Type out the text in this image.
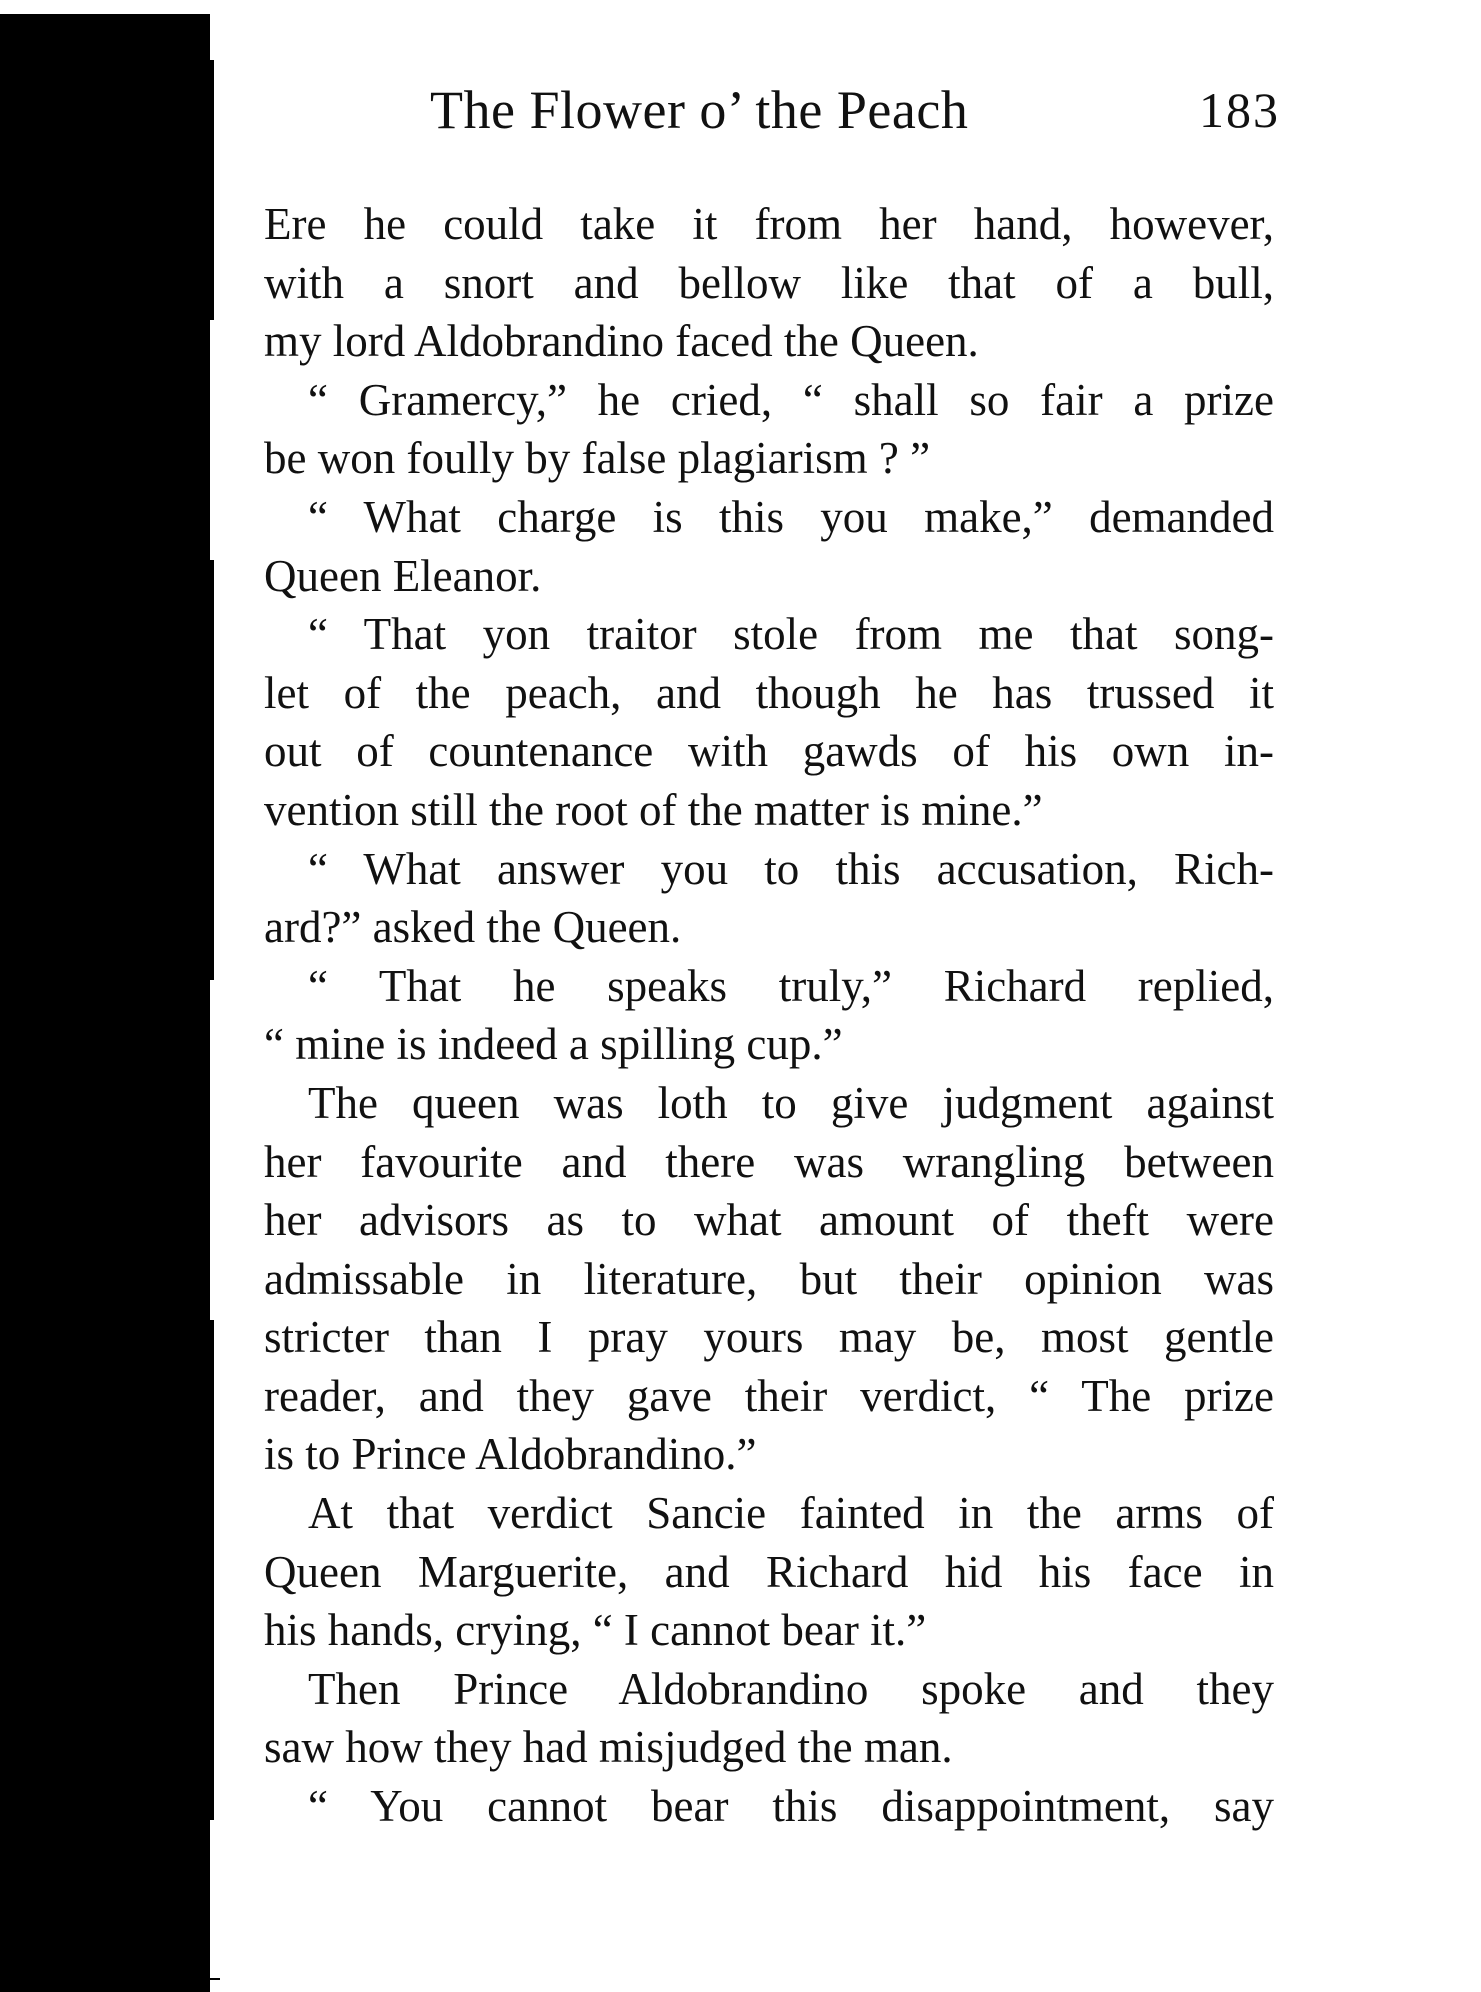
The Flower o’ the Peach	183
Ere he could take it from her hand, however,
with a snort and bellow like that of a bull,
my lord Aldobrandino faced the Queen.
“ Gramercy,” he cried, “ shall so fair a prize
be won foully by false plagiarism ? ”
“ What charge is this you make,” demanded
Queen Eleanor.
“ That yon traitor stole from me that song-
let of the peach, and though he has trussed it
out of countenance with gawds of his own in-
vention still the root of the matter is mine.”
“ What answer you to this accusation, Rich-
ard?” asked the Queen.
“ That he speaks truly,” Richard replied,
“ mine is indeed a spilling cup.”
The queen was loth to give judgment against
her favourite and there was wrangling between
her advisors as to what amount of theft were
admissable in literature, but their opinion was
stricter than I pray yours may be, most gentle
reader, and they gave their verdict, “ The prize
is to Prince Aldobrandino.”
At that verdict Sancie fainted in the arms of
Queen Marguerite, and Richard hid his face in
his hands, crying, “ I cannot bear it.”
Then Prince Aldobrandino spoke and they
saw how they had misjudged the man.
“ You cannot bear this disappointment, say
